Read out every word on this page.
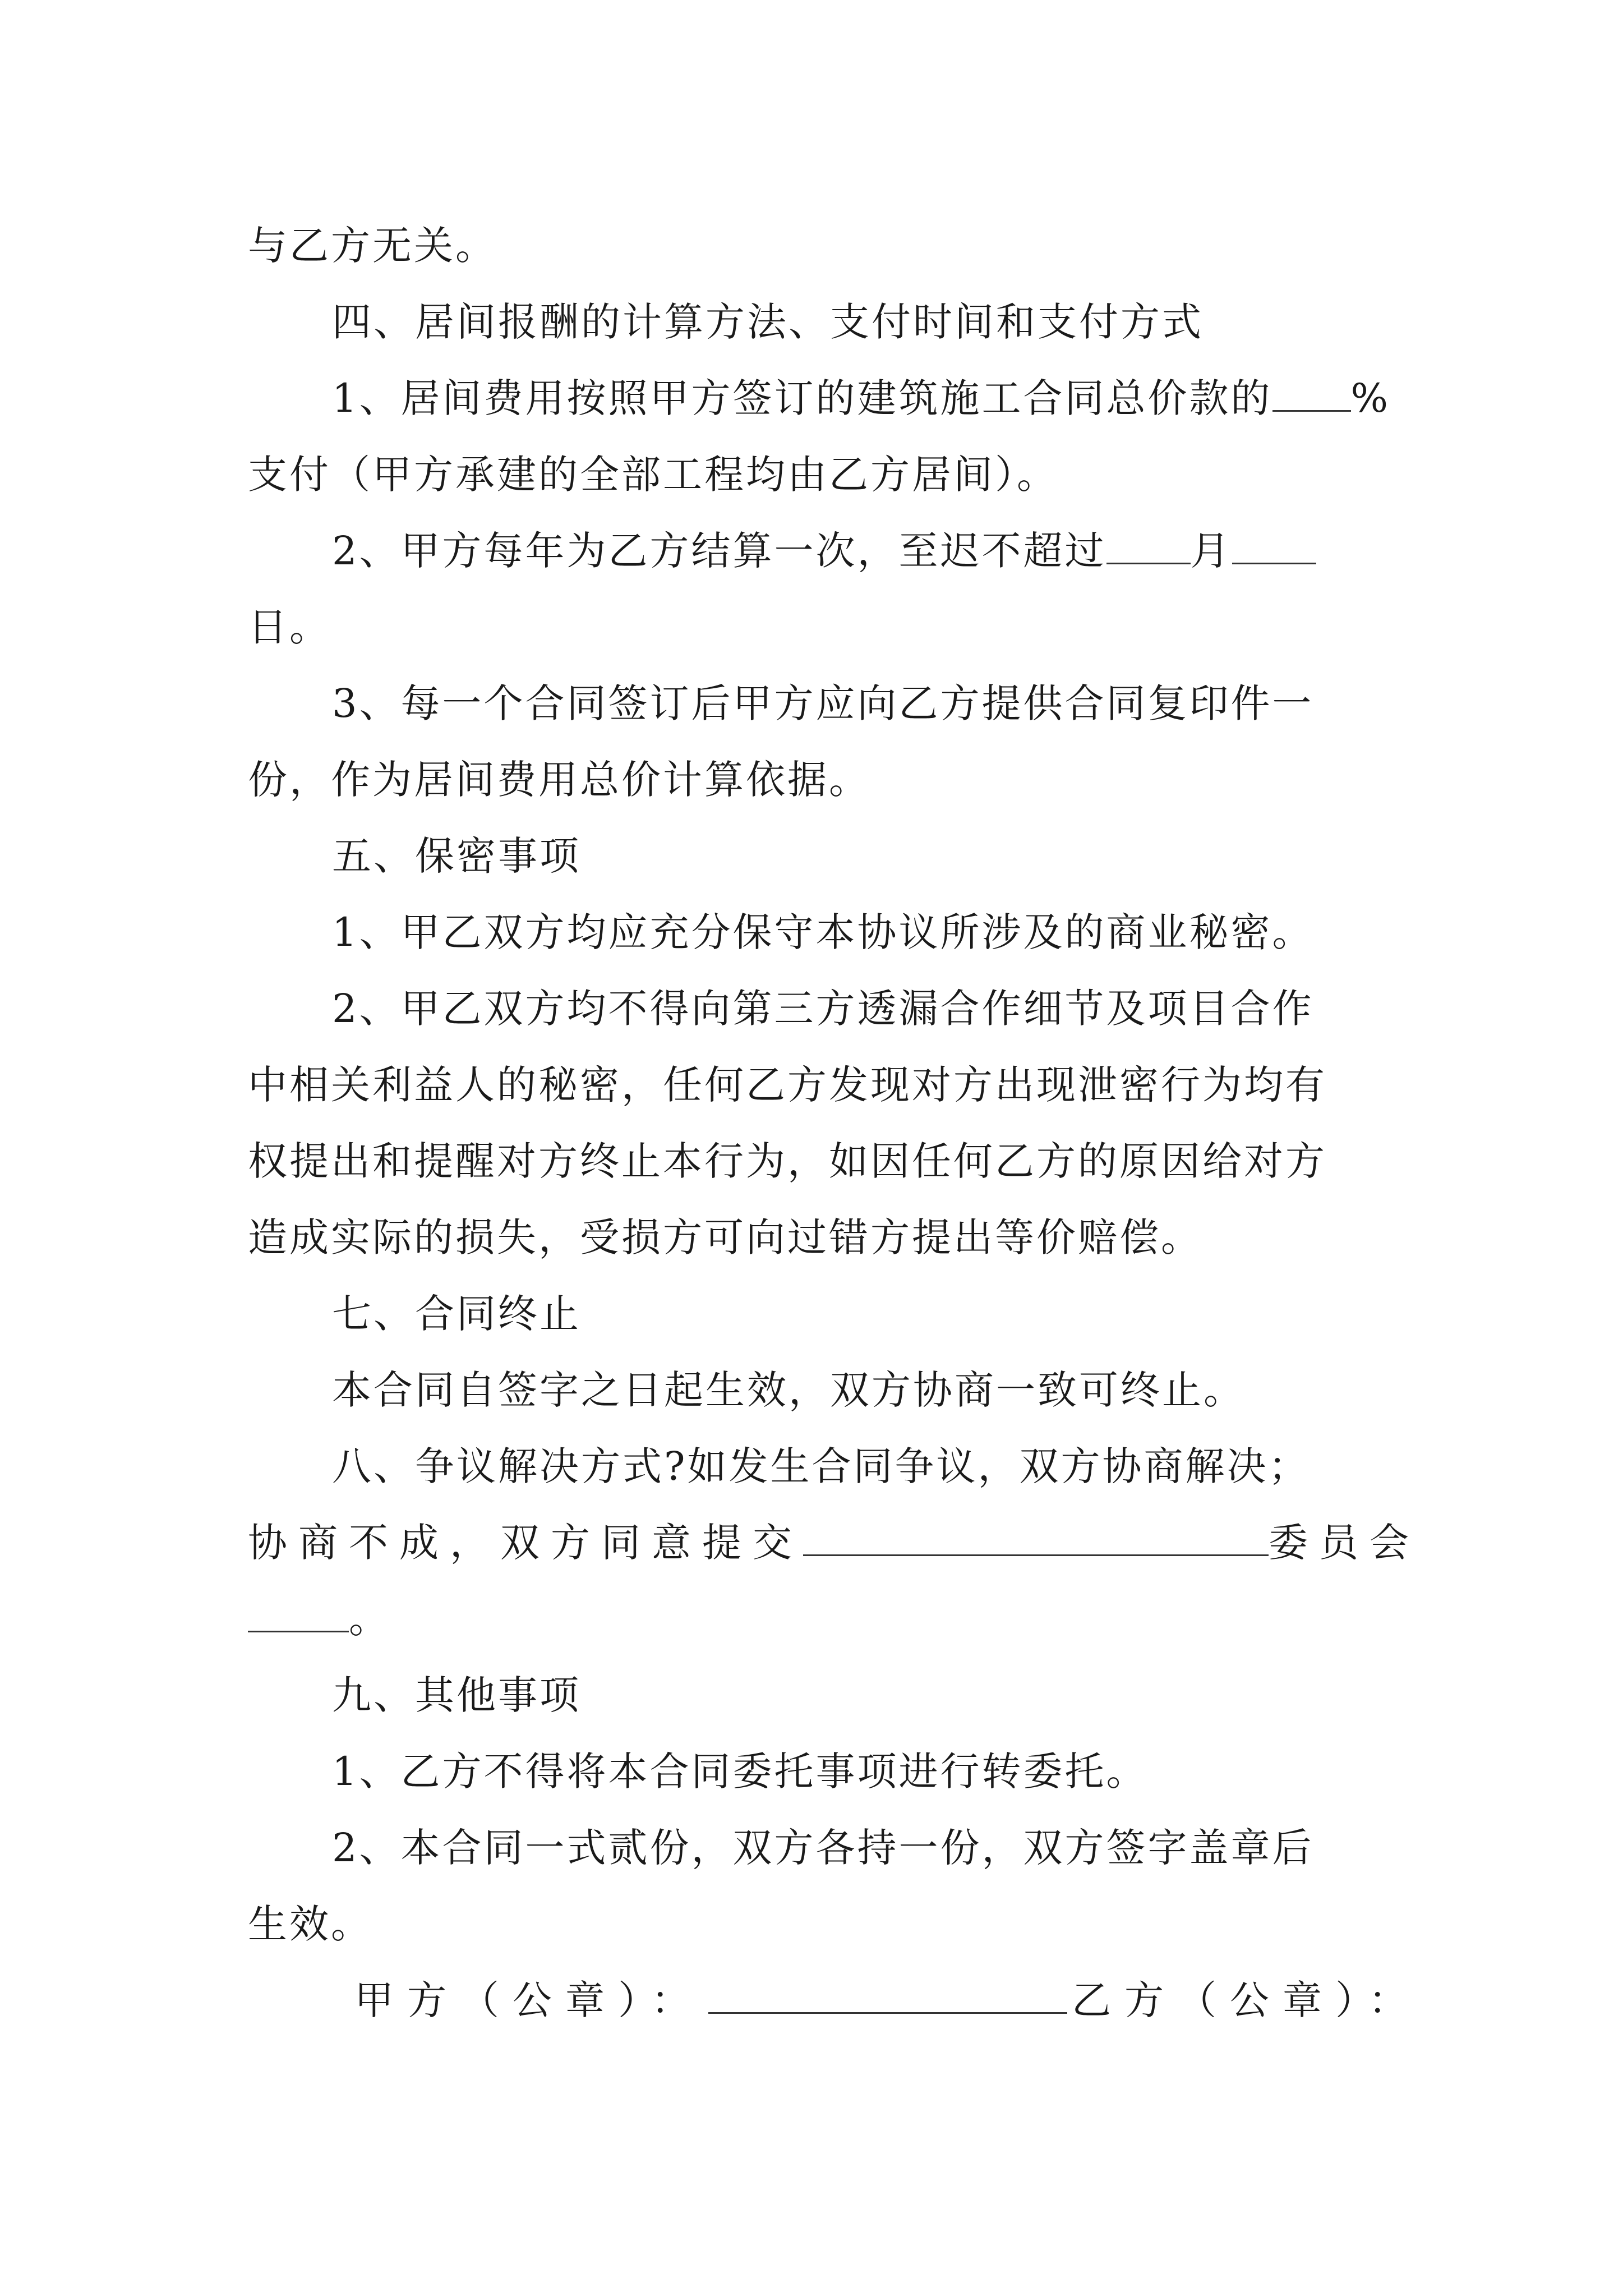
与乙方无关。
四、居间报酬的计算方法、支付时间和支付方式
1、居间费用按照甲方签订的建筑施工合同总价款的 %
支付（甲方承建的全部工程均由乙方居间）。
2、甲方每年为乙方结算一次，至迟不超过 月
日。
3、每一个合同签订后甲方应向乙方提供合同复印件一
份，作为居间费用总价计算依据。
五、保密事项
1、甲乙双方均应充分保守本协议所涉及的商业秘密。
2、甲乙双方均不得向第三方透漏合作细节及项目合作
中相关利益人的秘密，任何乙方发现对方出现泄密行为均有
权提出和提醒对方终止本行为，如因任何乙方的原因给对方
造成实际的损失，受损方可向过错方提出等价赔偿。
七、合同终止
本合同自签字之日起生效，双方协商一致可终止。
八、争议解决方式?如发生合同争议，双方协商解决；
协商不成，双方同意提交	委员会
。
九、其他事项
1、乙方不得将本合同委托事项进行转委托。
2、本合同一式贰份，双方各持一份，双方签字盖章后
生效。
甲方（公章）：	乙方（公章）：
